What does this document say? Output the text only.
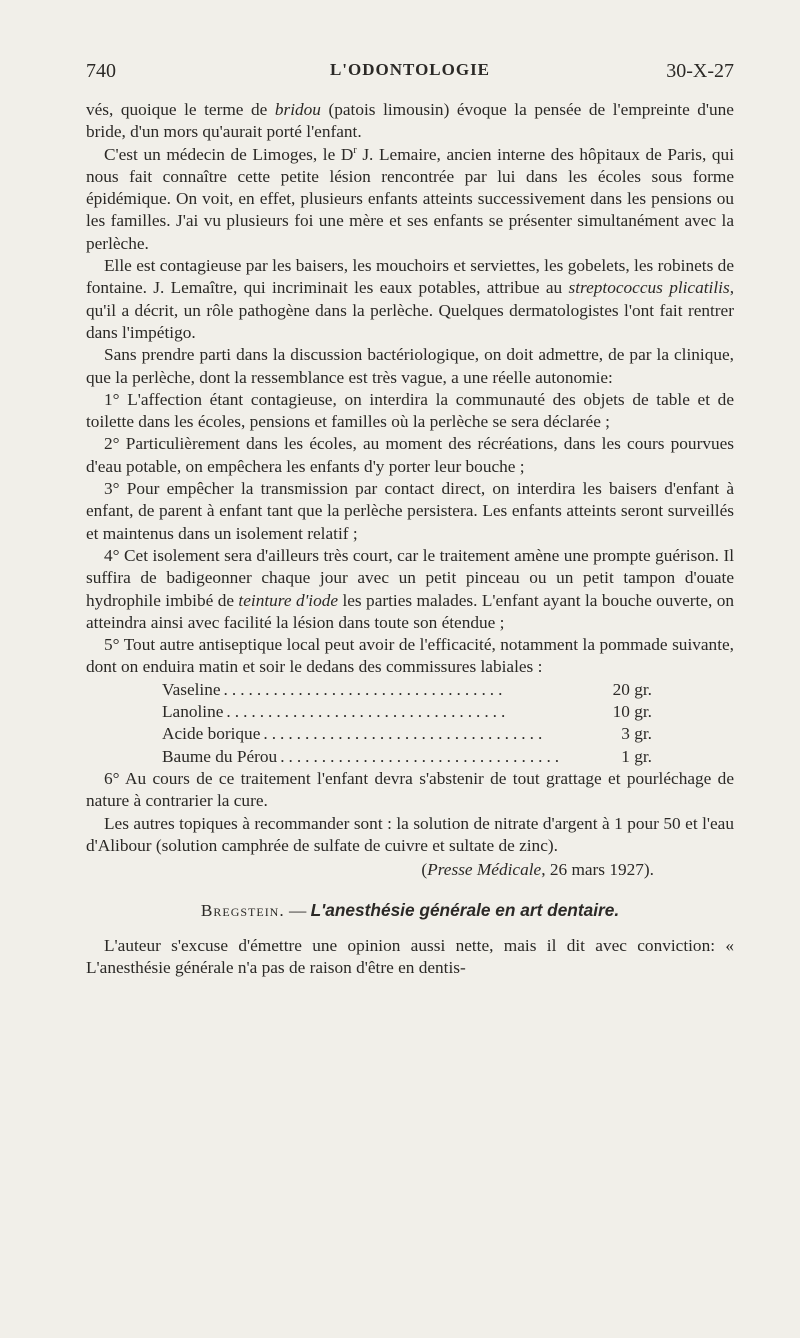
740	L'ODONTOLOGIE	30-X-27

vés, quoique le terme de bridou (patois limousin) évoque la pensée de l'empreinte d'une bride, d'un mors qu'aurait porté l'enfant.

C'est un médecin de Limoges, le $D^r$ J. Lemaire, ancien interne des hôpitaux de Paris, qui nous fait connaître cette petite lésion rencontrée par lui dans les écoles sous forme épidémique. On voit, en effet, plusieurs enfants atteints successivement dans les pensions ou les familles. J'ai vu plusieurs foi une mère et ses enfants se présenter simultanément avec la perlèche.

Elle est contagieuse par les baisers, les mouchoirs et serviettes, les gobelets, les robinets de fontaine. J. Lemaître, qui incriminait les eaux potables, attribue au streptococcus plicatilis, qu'il a décrit, un rôle pathogène dans la perlèche. Quelques dermatologistes l'ont fait rentrer dans l'impétigo.

Sans prendre parti dans la discussion bactériologique, on doit admettre, de par la clinique, que la perlèche, dont la ressemblance est très vague, a une réelle autonomie:

1° L'affection étant contagieuse, on interdira la communauté des objets de table et de toilette dans les écoles, pensions et familles où la perlèche se sera déclarée ;

2° Particulièrement dans les écoles, au moment des récréations, dans les cours pourvues d'eau potable, on empêchera les enfants d'y porter leur bouche ;

3° Pour empêcher la transmission par contact direct, on interdira les baisers d'enfant à enfant, de parent à enfant tant que la perlèche persistera. Les enfants atteints seront surveillés et maintenus dans un isolement relatif ;

4° Cet isolement sera d'ailleurs très court, car le traitement amène une prompte guérison. Il suffira de badigeonner chaque jour avec un petit pinceau ou un petit tampon d'ouate hydrophile imbibé de teinture d'iode les parties malades. L'enfant ayant la bouche ouverte, on atteindra ainsi avec facilité la lésion dans toute son étendue ;

5° Tout autre antiseptique local peut avoir de l'efficacité, notamment la pommade suivante, dont on enduira matin et soir le dedans des commissures labiales :

Vaseline ..................................	20 gr.
Lanoline ..................................	10 gr.
Acide borique ..................................	3 gr.
Baume du Pérou ..................................	1 gr.

6° Au cours de ce traitement l'enfant devra s'abstenir de tout grattage et pourléchage de nature à contrarier la cure.

Les autres topiques à recommander sont : la solution de nitrate d'argent à 1 pour 50 et l'eau d'Alibour (solution camphrée de sulfate de cuivre et sultate de zinc).

(Presse Médicale, 26 mars 1927).
Bregstein. — L'anesthésie générale en art dentaire.

L'auteur s'excuse d'émettre une opinion aussi nette, mais il dit avec conviction: « L'anesthésie générale n'a pas de raison d'être en dentis-
